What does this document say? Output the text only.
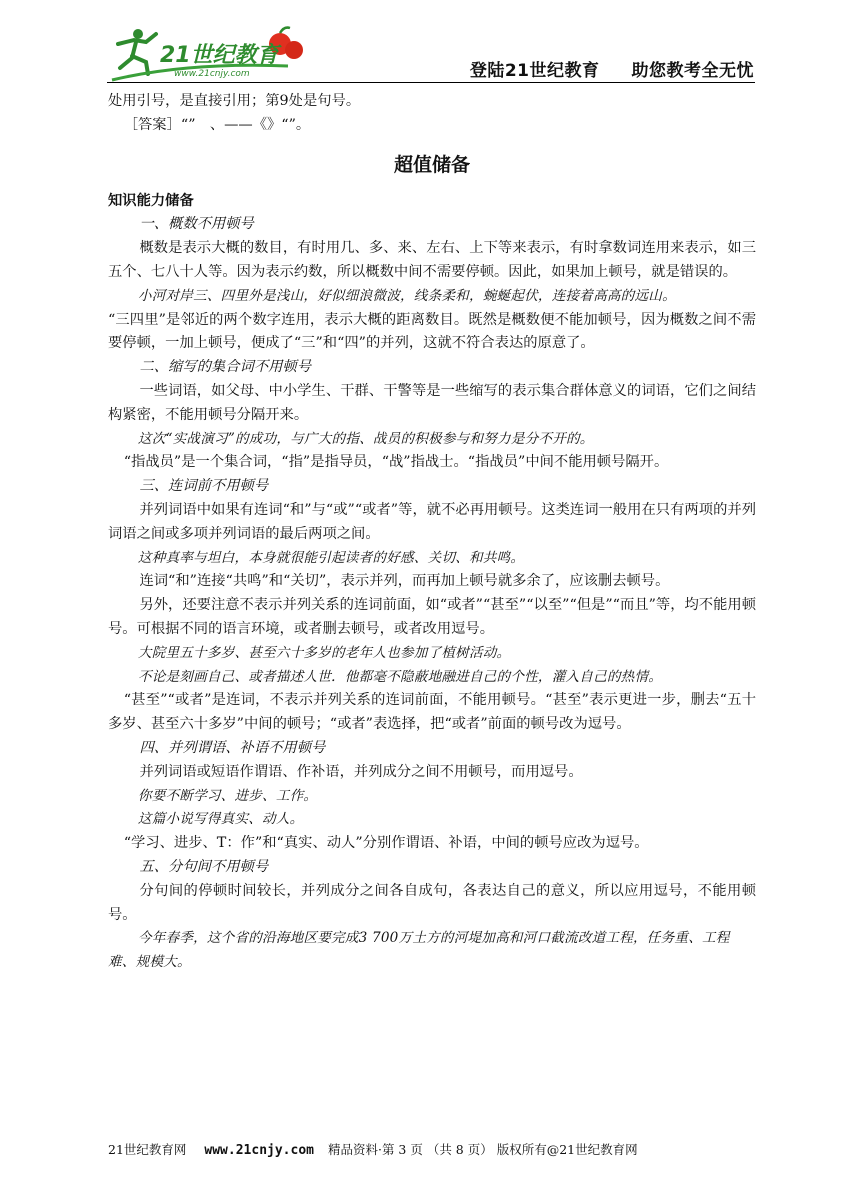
21世纪教育
www.21cnjy.com	登陆21世纪教育 助您教考全无忧

处用引号，是直接引用；第9处是句号。

［答案］“”　、——《》“”。

超值储备

知识能力储备

一、概数不用顿号

概数是表示大概的数目，有时用几、多、来、左右、上下等来表示，有时拿数词连用来表示，如三五个、七八十人等。因为表示约数，所以概数中间不需要停顿。因此，如果加上顿号，就是错误的。

小河对岸三、四里外是浅山，好似细浪微波，线条柔和，蜿蜒起伏，连接着高高的远山。

“三四里”是邻近的两个数字连用，表示大概的距离数目。既然是概数便不能加顿号，因为概数之间不需要停顿，一加上顿号，便成了“三”和“四”的并列，这就不符合表达的原意了。

二、缩写的集合词不用顿号

一些词语，如父母、中小学生、干群、干警等是一些缩写的表示集合群体意义的词语，它们之间结构紧密，不能用顿号分隔开来。

这次“实战演习”的成功，与广大的指、战员的积极参与和努力是分不开的。

“指战员”是一个集合词，“指”是指导员，“战”指战士。“指战员”中间不能用顿号隔开。

三、连词前不用顿号

并列词语中如果有连词“和”与“或”“或者”等，就不必再用顿号。这类连词一般用在只有两项的并列词语之间或多项并列词语的最后两项之间。

这种真率与坦白，本身就很能引起读者的好感、关切、和共鸣。

连词“和”连接“共鸣”和“关切”，表示并列，而再加上顿号就多余了，应该删去顿号。

另外，还要注意不表示并列关系的连词前面，如“或者”“甚至”“以至”“但是”“而且”等，均不能用顿号。可根据不同的语言环境，或者删去顿号，或者改用逗号。

大院里五十多岁、甚至六十多岁的老年人也参加了植树活动。

不论是刻画自己、或者描述人世．他都毫不隐蔽地融进自己的个性，灌入自己的热情。

“甚至”“或者”是连词，不表示并列关系的连词前面，不能用顿号。“甚至”表示更进一步，删去“五十多岁、甚至六十多岁”中间的顿号；“或者”表选择，把“或者”前面的顿号改为逗号。

四、并列谓语、补语不用顿号

并列词语或短语作谓语、作补语，并列成分之间不用顿号，而用逗号。

你要不断学习、进步、工作。

这篇小说写得真实、动人。

“学习、进步、T：作”和“真实、动人”分别作谓语、补语，中间的顿号应改为逗号。

五、分句间不用顿号

分句间的停顿时间较长，并列成分之间各自成句，各表达自己的意义，所以应用逗号，不能用顿号。

今年春季，这个省的沿海地区要完成3 700万土方的河堤加高和河口截流改道工程，任务重、工程难、规模大。

21世纪教育网 www.21cnjy.com 精品资料·第 3 页 （共 8 页） 版权所有@21世纪教育网
